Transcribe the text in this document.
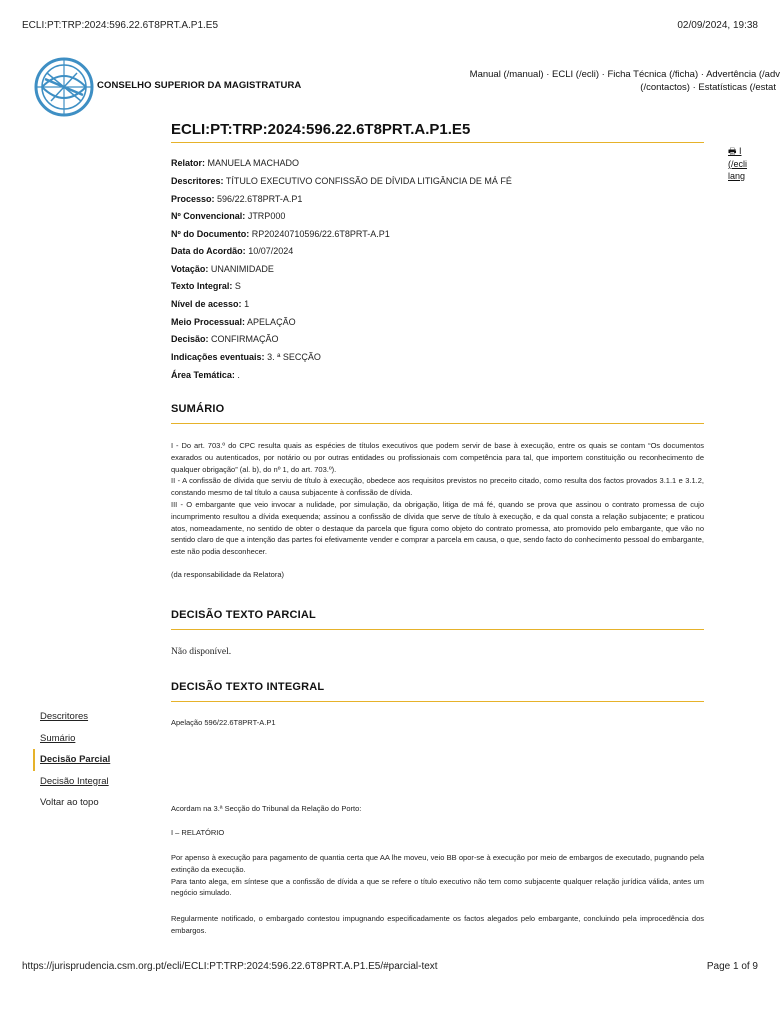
ECLI:PT:TRP:2024:596.22.6T8PRT.A.P1.E5	02/09/2024, 19:38
CONSELHO SUPERIOR DA MAGISTRATURA
Manual (/manual) · ECLI (/ecli) · Ficha Técnica (/ficha) · Advertência (/adv
(/contactos) · Estatísticas (/estat
🖶 I
(/ecli
lang
ECLI:PT:TRP:2024:596.22.6T8PRT.A.P1.E5
Relator: MANUELA MACHADO
Descritores: TÍTULO EXECUTIVO CONFISSÃO DE DÍVIDA LITIGÂNCIA DE MÁ FÉ
Processo: 596/22.6T8PRT-A.P1
Nº Convencional: JTRP000
Nº do Documento: RP20240710596/22.6T8PRT-A.P1
Data do Acordão: 10/07/2024
Votação: UNANIMIDADE
Texto Integral: S
Nível de acesso: 1
Meio Processual: APELAÇÃO
Decisão: CONFIRMAÇÃO
Indicações eventuais: 3. ª SECÇÃO
Área Temática: .
SUMÁRIO

I - Do art. 703.º do CPC resulta quais as espécies de títulos executivos que podem servir de base à execução, entre os quais se contam “Os documentos exarados ou autenticados, por notário ou por outras entidades ou profissionais com competência para tal, que importem constituição ou reconhecimento de qualquer obrigação” (al. b), do nº 1, do art. 703.º).

II - A confissão de dívida que serviu de título à execução, obedece aos requisitos previstos no preceito citado, como resulta dos factos provados 3.1.1 e 3.1.2, constando mesmo de tal título a causa subjacente à confissão de dívida.

III - O embargante que veio invocar a nulidade, por simulação, da obrigação, litiga de má fé, quando se prova que assinou o contrato promessa de cujo incumprimento resultou a dívida exequenda; assinou a confissão de dívida que serve de título à execução, e da qual consta a relação subjacente; e praticou atos, nomeadamente, no sentido de obter o destaque da parcela que figura como objeto do contrato promessa, ato promovido pelo embargante, que vão no sentido claro de que a intenção das partes foi efetivamente vender e comprar a parcela em causa, o que, sendo facto do conhecimento pessoal do embargante, este não podia desconhecer.

(da responsabilidade da Relatora)

DECISÃO TEXTO PARCIAL
Não disponível.
DECISÃO TEXTO INTEGRAL
Apelação 596/22.6T8PRT-A.P1
Acordam na 3.ª Secção do Tribunal da Relação do Porto:
I – RELATÓRIO

Por apenso à execução para pagamento de quantia certa que AA lhe moveu, veio BB opor-se à execução por meio de embargos de executado, pugnando pela extinção da execução.

Para tanto alega, em síntese que a confissão de dívida a que se refere o título executivo não tem como subjacente qualquer relação jurídica válida, antes um negócio simulado.

Regularmente notificado, o embargado contestou impugnando especificadamente os factos alegados pelo embargante, concluindo pela improcedência dos embargos.
Descritores
Sumário
Decisão Parcial
Decisão Integral
Voltar ao topo
https://jurisprudencia.csm.org.pt/ecli/ECLI:PT:TRP:2024:596.22.6T8PRT.A.P1.E5/#parcial-text	Page 1 of 9
